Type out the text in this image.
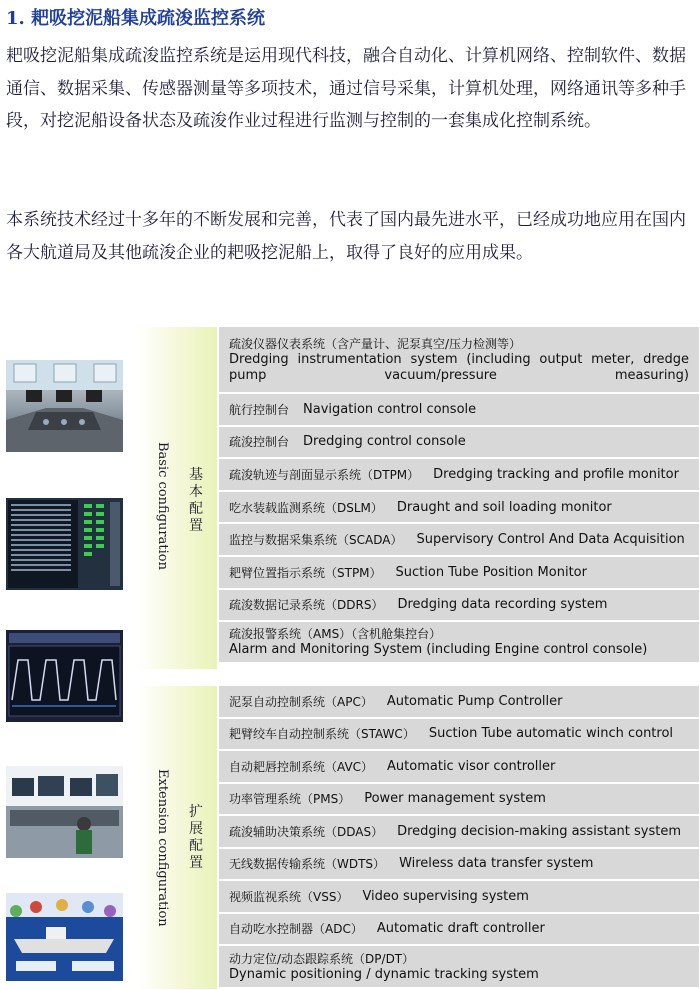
1. 耙吸挖泥船集成疏浚监控系统
耙吸挖泥船集成疏浚监控系统是运用现代科技，融合自动化、计算机网络、控制软件、数据通信、数据采集、传感器测量等多项技术，通过信号采集，计算机处理，网络通讯等多种手段，对挖泥船设备状态及疏浚作业过程进行监测与控制的一套集成化控制系统。
本系统技术经过十多年的不断发展和完善，代表了国内最先进水平，已经成功地应用在国内各大航道局及其他疏浚企业的耙吸挖泥船上，取得了良好的应用成果。
Basic configuration 基本配置
Extension configuration 扩展配置
疏浚仪器仪表系统（含产量计、泥泵真空/压力检测等）
Dredging instrumentation system (including output meter, dredge pump vacuum/pressure measuring)
航行控制台 Navigation control console
疏浚控制台 Dredging control console
疏浚轨迹与剖面显示系统（DTPM） Dredging tracking and profile monitor
吃水装载监测系统（DSLM） Draught and soil loading monitor
监控与数据采集系统（SCADA） Supervisory Control And Data Acquisition
耙臂位置指示系统（STPM） Suction Tube Position Monitor
疏浚数据记录系统（DDRS） Dredging data recording system
疏浚报警系统（AMS）（含机舱集控台）
Alarm and Monitoring System (including Engine control console)
泥泵自动控制系统（APC） Automatic Pump Controller
耙臂绞车自动控制系统（STAWC） Suction Tube automatic winch control
自动耙唇控制系统（AVC） Automatic visor controller
功率管理系统（PMS） Power management system
疏浚辅助决策系统（DDAS） Dredging decision-making assistant system
无线数据传输系统（WDTS） Wireless data transfer system
视频监视系统（VSS） Video supervising system
自动吃水控制器（ADC） Automatic draft controller
动力定位/动态跟踪系统（DP/DT）
Dynamic positioning / dynamic tracking system
